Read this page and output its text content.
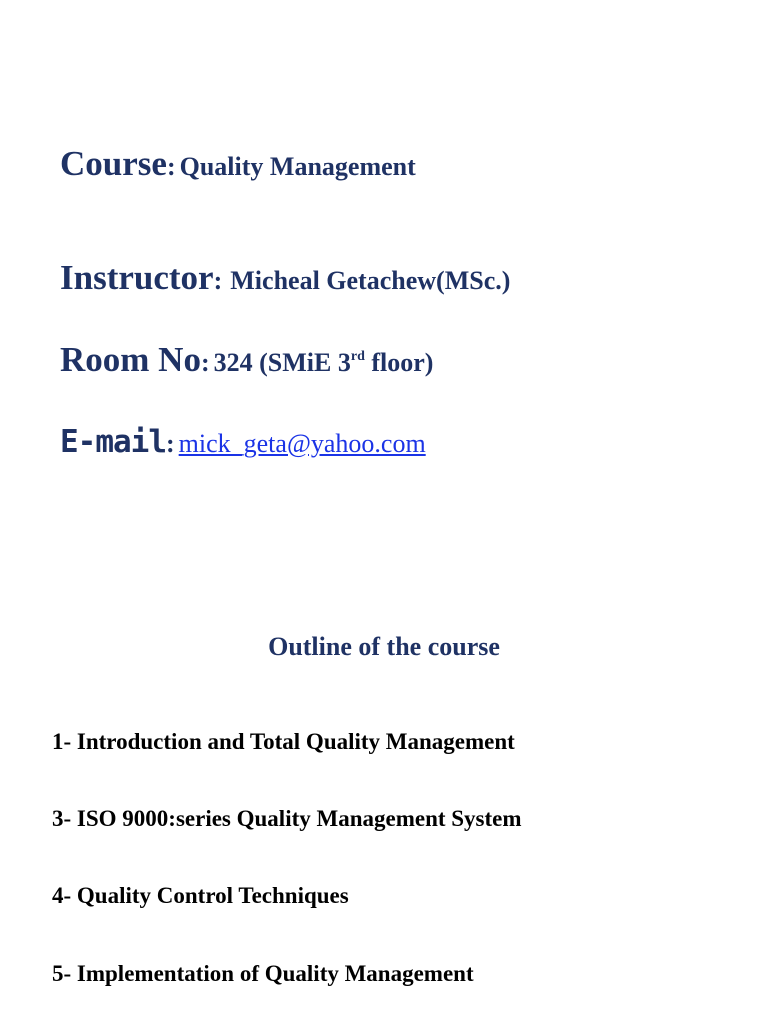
Course: Quality Management
Instructor: Micheal Getachew(MSc.)
Room No: 324 (SMiE 3rd floor)
E-mail: mick_geta@yahoo.com
Outline of the course
1- Introduction and Total Quality Management
3- ISO 9000:series Quality Management System
4- Quality Control Techniques
5- Implementation of Quality Management
